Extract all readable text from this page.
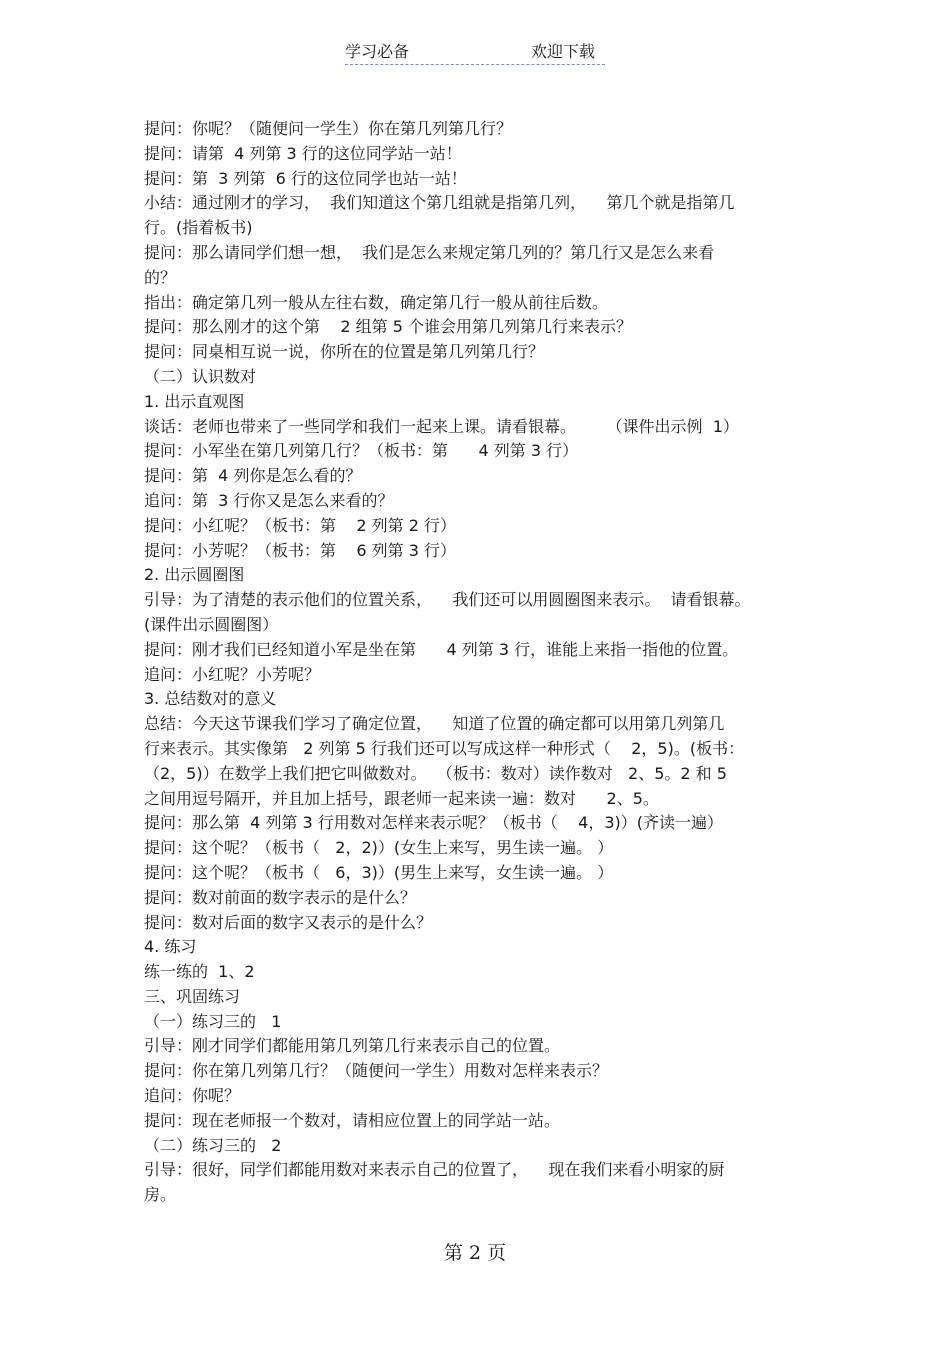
学习必备	欢迎下载
提问：你呢？（随便问一学生）你在第几列第几行？
提问：请第  4 列第 3 行的这位同学站一站！
提问：第  3 列第  6 行的这位同学也站一站！
小结：通过刚才的学习，  我们知道这个第几组就是指第几列，    第几个就是指第几
行。(指着板书)
提问：那么请同学们想一想，  我们是怎么来规定第几列的？第几行又是怎么来看
的？
指出：确定第几列一般从左往右数，确定第几行一般从前往后数。
提问：那么刚才的这个第    2 组第 5 个谁会用第几列第几行来表示？
提问：同桌相互说一说，你所在的位置是第几列第几行？
（二）认识数对
1. 出示直观图
谈话：老师也带来了一些同学和我们一起来上课。请看银幕。      （课件出示例  1）
提问：小军坐在第几列第几行？（板书：第      4 列第 3 行）
提问：第  4 列你是怎么看的？
追问：第  3 行你又是怎么来看的？
提问：小红呢？（板书：第    2 列第 2 行）
提问：小芳呢？（板书：第    6 列第 3 行）
2. 出示圆圈图
引导：为了清楚的表示他们的位置关系，    我们还可以用圆圈图来表示。  请看银幕。
(课件出示圆圈图）
提问：刚才我们已经知道小军是坐在第      4 列第 3 行，谁能上来指一指他的位置。
追问：小红呢？小芳呢？
3. 总结数对的意义
总结：今天这节课我们学习了确定位置，    知道了位置的确定都可以用第几列第几
行来表示。其实像第   2 列第 5 行我们还可以写成这样一种形式（    2，5)。(板书：
（2，5)）在数学上我们把它叫做数对。  （板书：数对）读作数对   2、5。2 和 5
之间用逗号隔开，并且加上括号，跟老师一起来读一遍：数对      2、5。
提问：那么第  4 列第 3 行用数对怎样来表示呢？（板书（    4，3)）(齐读一遍）
提问：这个呢？（板书（   2，2)）(女生上来写，男生读一遍。 ）
提问：这个呢？（板书（   6，3)）(男生上来写，女生读一遍。 ）
提问：数对前面的数字表示的是什么？
提问：数对后面的数字又表示的是什么？
4. 练习
练一练的  1、2
三、巩固练习
（一）练习三的   1
引导：刚才同学们都能用第几列第几行来表示自己的位置。
提问：你在第几列第几行？（随便问一学生）用数对怎样来表示？
追问：你呢？
提问：现在老师报一个数对，请相应位置上的同学站一站。
（二）练习三的   2
引导：很好，同学们都能用数对来表示自己的位置了，    现在我们来看小明家的厨
房。
第 2 页
